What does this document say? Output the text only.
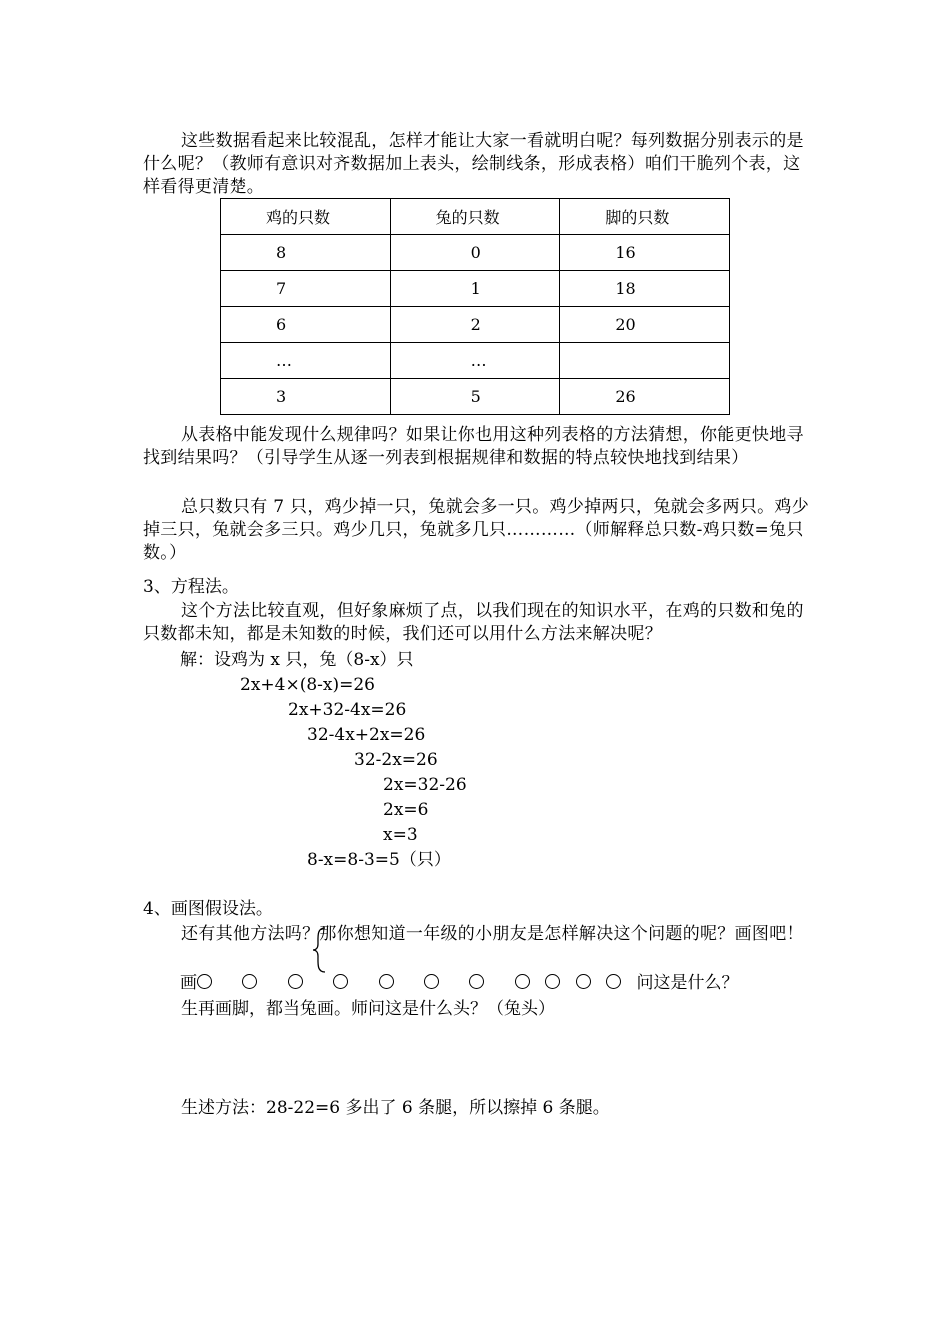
这些数据看起来比较混乱，怎样才能让大家一看就明白呢？每列数据分别表示的是什么呢？（教师有意识对齐数据加上表头，绘制线条，形成表格）咱们干脆列个表，这样看得更清楚。
鸡的只数	兔的只数	脚的只数
8	0	16
7	1	18
6	2	20
…	…	
3	5	26
从表格中能发现什么规律吗？如果让你也用这种列表格的方法猜想，你能更快地寻找到结果吗？（引导学生从逐一列表到根据规律和数据的特点较快地找到结果）
总只数只有 7 只，鸡少掉一只，兔就会多一只。鸡少掉两只，兔就会多两只。鸡少掉三只，兔就会多三只。鸡少几只，兔就多几只…………（师解释总只数-鸡只数=兔只数。）
3、方程法。
这个方法比较直观，但好象麻烦了点，以我们现在的知识水平，在鸡的只数和兔的只数都未知，都是未知数的时候，我们还可以用什么方法来解决呢？
解：设鸡为 x 只，兔（8-x）只
2x+4×(8-x)=26
2x+32-4x=26
32-4x+2x=26
32-2x=26
2x=32-26
2x=6
x=3
8-x=8-3=5（只）
4、画图假设法。
还有其他方法吗？那你想知道一年级的小朋友是怎样解决这个问题的呢？画图吧！
画	问这是什么？
生再画脚，都当兔画。师问这是什么头？（兔头）
生述方法：28-22=6 多出了 6 条腿，所以擦掉 6 条腿。
